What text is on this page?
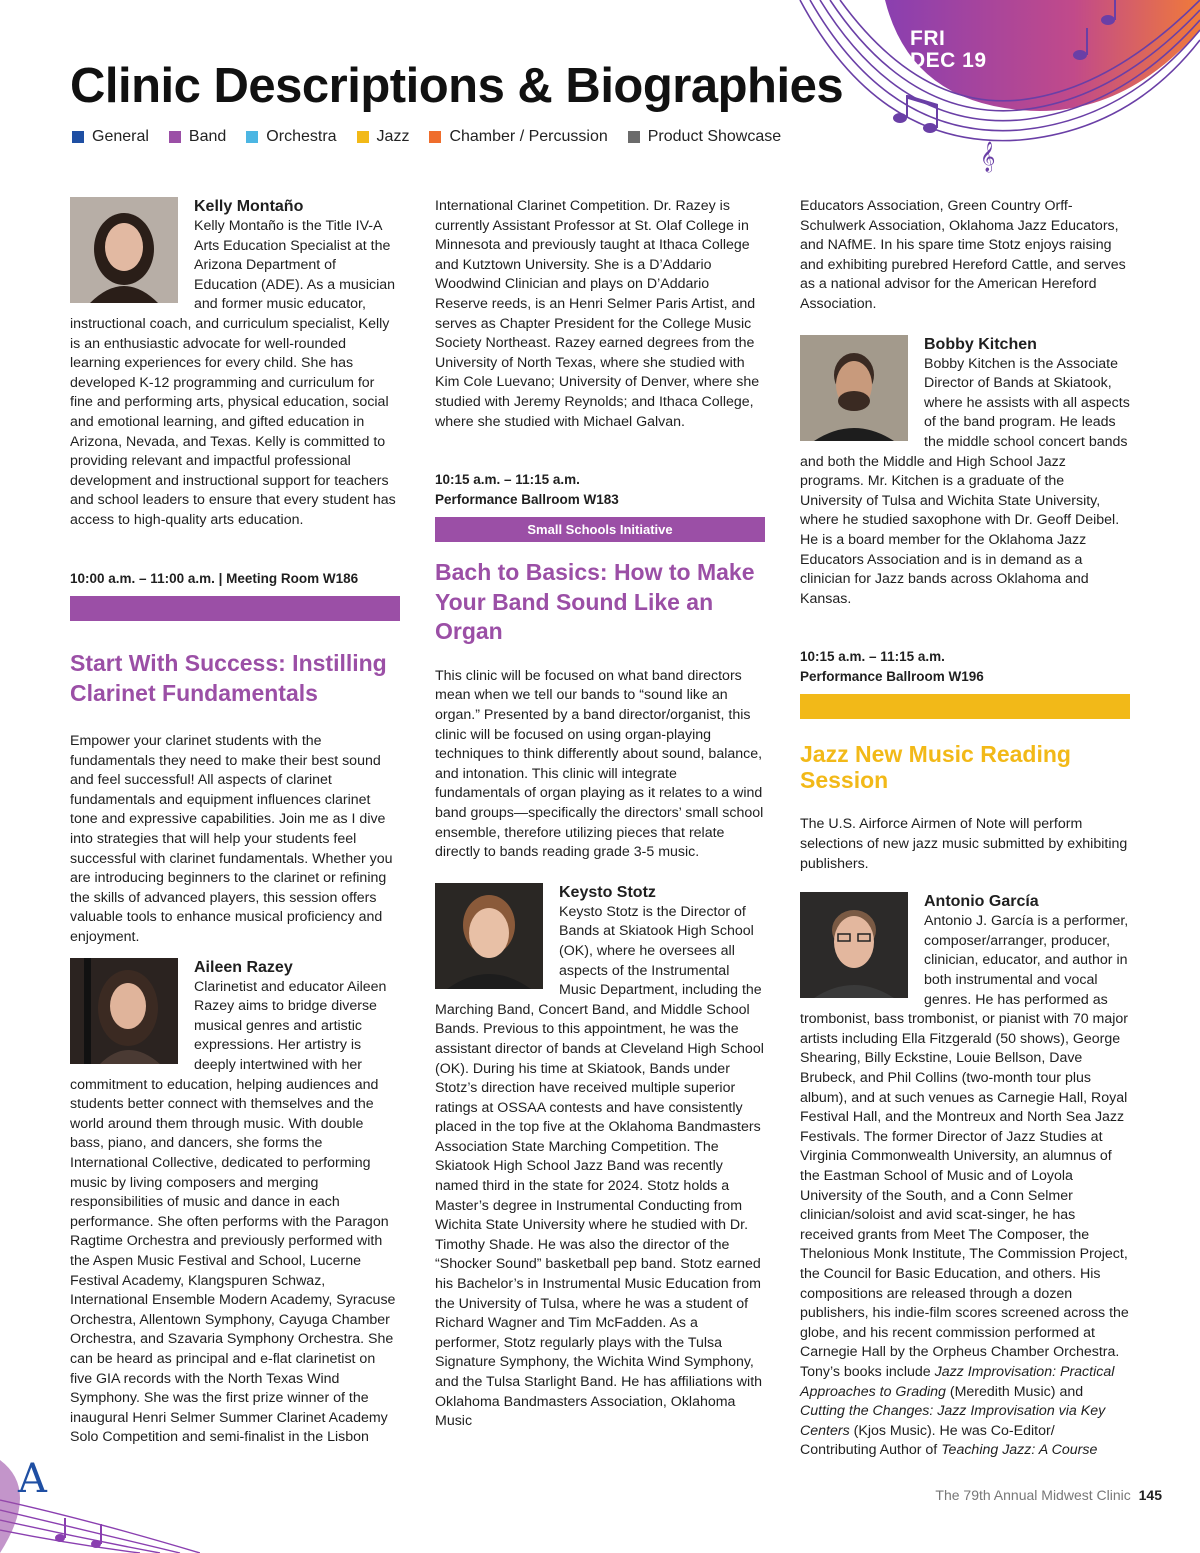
𝄞
FRI
DEC 19
Clinic Descriptions & Biographies
General	Band	Orchestra	Jazz	Chamber / Percussion	Product Showcase

Kelly Montaño

Kelly Montaño is the Title IV-A Arts Education Specialist at the Arizona Department of Education (ADE). As a musician and former music educator, instructional coach, and curriculum specialist, Kelly is an enthusiastic advocate for well-rounded learning experiences for every child. She has developed K-12 programming and curriculum for fine and performing arts, physical education, social and emotional learning, and gifted education in Arizona, Nevada, and Texas. Kelly is committed to providing relevant and impactful professional development and instructional support for teachers and school leaders to ensure that every student has access to high-quality arts education.

10:00 a.m. – 11:00 a.m. | Meeting Room W186
Start With Success: Instilling Clarinet Fundamentals

Empower your clarinet students with the fundamentals they need to make their best sound and feel successful! All aspects of clarinet fundamentals and equipment influences clarinet tone and expressive capabilities. Join me as I dive into strategies that will help your students feel successful with clarinet fundamentals. Whether you are introducing beginners to the clarinet or refining the skills of advanced players, this session offers valuable tools to enhance musical proficiency and enjoyment.

Aileen Razey

Clarinetist and educator Aileen Razey aims to bridge diverse musical genres and artistic expressions. Her artistry is deeply intertwined with her commitment to education, helping audiences and students better connect with themselves and the world around them through music. With double bass, piano, and dancers, she forms the International Collective, dedicated to performing music by living composers and merging responsibilities of music and dance in each performance. She often performs with the Paragon Ragtime Orchestra and previously performed with the Aspen Music Festival and School, Lucerne Festival Academy, Klangspuren Schwaz, International Ensemble Modern Academy, Syracuse Orchestra, Allentown Symphony, Cayuga Chamber Orchestra, and Szavaria Symphony Orchestra. She can be heard as principal and e-flat clarinetist on five GIA records with the North Texas Wind Symphony. She was the first prize winner of the inaugural Henri Selmer Summer Clarinet Academy Solo Competition and semi-finalist in the Lisbon

International Clarinet Competition. Dr. Razey is currently Assistant Professor at St. Olaf College in Minnesota and previously taught at Ithaca College and Kutztown University. She is a D’Addario Woodwind Clinician and plays on D’Addario Reserve reeds, is an Henri Selmer Paris Artist, and serves as Chapter President for the College Music Society Northeast. Razey earned degrees from the University of North Texas, where she studied with Kim Cole Luevano; University of Denver, where she studied with Jeremy Reynolds; and Ithaca College, where she studied with Michael Galvan.

10:15 a.m. – 11:15 a.m.
Performance Ballroom W183
Small Schools Initiative
Bach to Basics: How to Make Your Band Sound Like an Organ

This clinic will be focused on what band directors mean when we tell our bands to “sound like an organ.” Presented by a band director/organist, this clinic will be focused on using organ-playing techniques to think differently about sound, balance, and intonation. This clinic will integrate fundamentals of organ playing as it relates to a wind band groups—specifically the directors’ small school ensemble, therefore utilizing pieces that relate directly to bands reading grade 3-5 music.

Keysto Stotz

Keysto Stotz is the Director of Bands at Skiatook High School (OK), where he oversees all aspects of the Instrumental Music Department, including the Marching Band, Concert Band, and Middle School Bands. Previous to this appointment, he was the assistant director of bands at Cleveland High School (OK). During his time at Skiatook, Bands under Stotz’s direction have received multiple superior ratings at OSSAA contests and have consistently placed in the top five at the Oklahoma Bandmasters Association State Marching Competition. The Skiatook High School Jazz Band was recently named third in the state for 2024. Stotz holds a Master’s degree in Instrumental Conducting from Wichita State University where he studied with Dr. Timothy Shade. He was also the director of the “Shocker Sound” basketball pep band. Stotz earned his Bachelor’s in Instrumental Music Education from the University of Tulsa, where he was a student of Richard Wagner and Tim McFadden. As a performer, Stotz regularly plays with the Tulsa Signature Symphony, the Wichita Wind Symphony, and the Tulsa Starlight Band. He has affiliations with Oklahoma Bandmasters Association, Oklahoma Music

Educators Association, Green Country Orff-Schulwerk Association, Oklahoma Jazz Educators, and NAfME. In his spare time Stotz enjoys raising and exhibiting purebred Hereford Cattle, and serves as a national advisor for the American Hereford Association.

Bobby Kitchen

Bobby Kitchen is the Associate Director of Bands at Skiatook, where he assists with all aspects of the band program. He leads the middle school concert bands and both the Middle and High School Jazz programs. Mr. Kitchen is a graduate of the University of Tulsa and Wichita State University, where he studied saxophone with Dr. Geoff Deibel. He is a board member for the Oklahoma Jazz Educators Association and is in demand as a clinician for Jazz bands across Oklahoma and Kansas.

10:15 a.m. – 11:15 a.m.
Performance Ballroom W196
Jazz New Music Reading Session

The U.S. Airforce Airmen of Note will perform selections of new jazz music submitted by exhibiting publishers.

Antonio García

Antonio J. García is a performer, composer/arranger, producer, clinician, educator, and author in both instrumental and vocal genres. He has performed as trombonist, bass trombonist, or pianist with 70 major artists including Ella Fitzgerald (50 shows), George Shearing, Billy Eckstine, Louie Bellson, Dave Brubeck, and Phil Collins (two-month tour plus album), and at such venues as Carnegie Hall, Royal Festival Hall, and the Montreux and North Sea Jazz Festivals. The former Director of Jazz Studies at Virginia Commonwealth University, an alumnus of the Eastman School of Music and of Loyola University of the South, and a Conn Selmer clinician/soloist and avid scat-singer, he has received grants from Meet The Composer, the Thelonious Monk Institute, The Commission Project, the Council for Basic Education, and others. His compositions are released through a dozen publishers, his indie-film scores screened across the globe, and his recent commission performed at Carnegie Hall by the Orpheus Chamber Orchestra. Tony’s books include Jazz Improvisation: Practical Approaches to Grading (Meredith Music) and Cutting the Changes: Jazz Improvisation via Key Centers (Kjos Music). He was Co-Editor/ Contributing Author of Teaching Jazz: A Course

A	The 79th Annual Midwest Clinic 145
